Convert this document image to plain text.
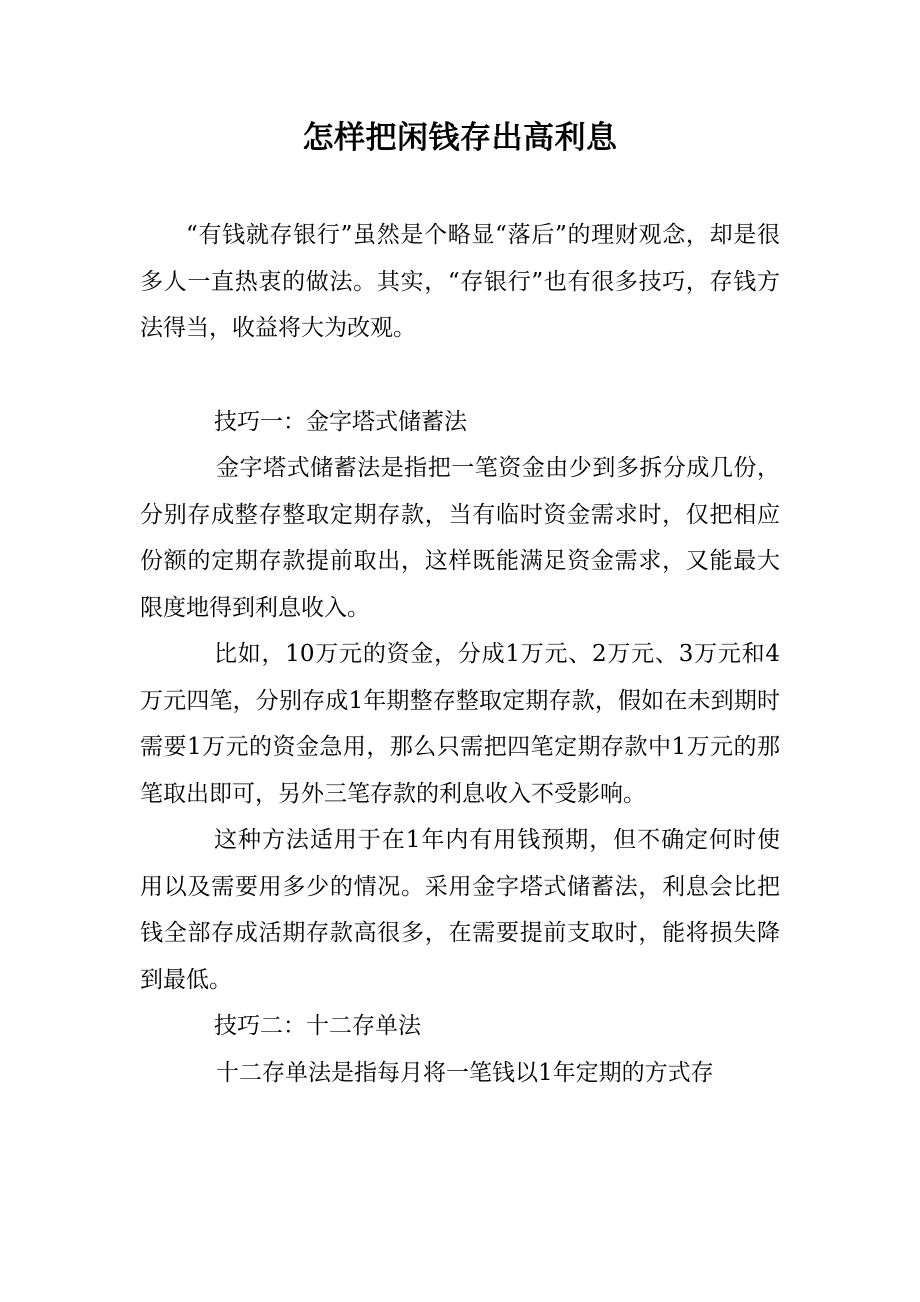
怎样把闲钱存出高利息

“有钱就存银行”虽然是个略显“落后”的理财观念，却是很多人一直热衷的做法。其实，“存银行”也有很多技巧，存钱方法得当，收益将大为改观。

技巧一：金字塔式储蓄法

金字塔式储蓄法是指把一笔资金由少到多拆分成几份，分别存成整存整取定期存款，当有临时资金需求时，仅把相应份额的定期存款提前取出，这样既能满足资金需求，又能最大限度地得到利息收入。

比如，10万元的资金，分成1万元、2万元、3万元和4万元四笔，分别存成1年期整存整取定期存款，假如在未到期时需要1万元的资金急用，那么只需把四笔定期存款中1万元的那笔取出即可，另外三笔存款的利息收入不受影响。

这种方法适用于在1年内有用钱预期，但不确定何时使用以及需要用多少的情况。采用金字塔式储蓄法，利息会比把钱全部存成活期存款高很多，在需要提前支取时，能将损失降到最低。

技巧二：十二存单法

十二存单法是指每月将一笔钱以1年定期的方式存
